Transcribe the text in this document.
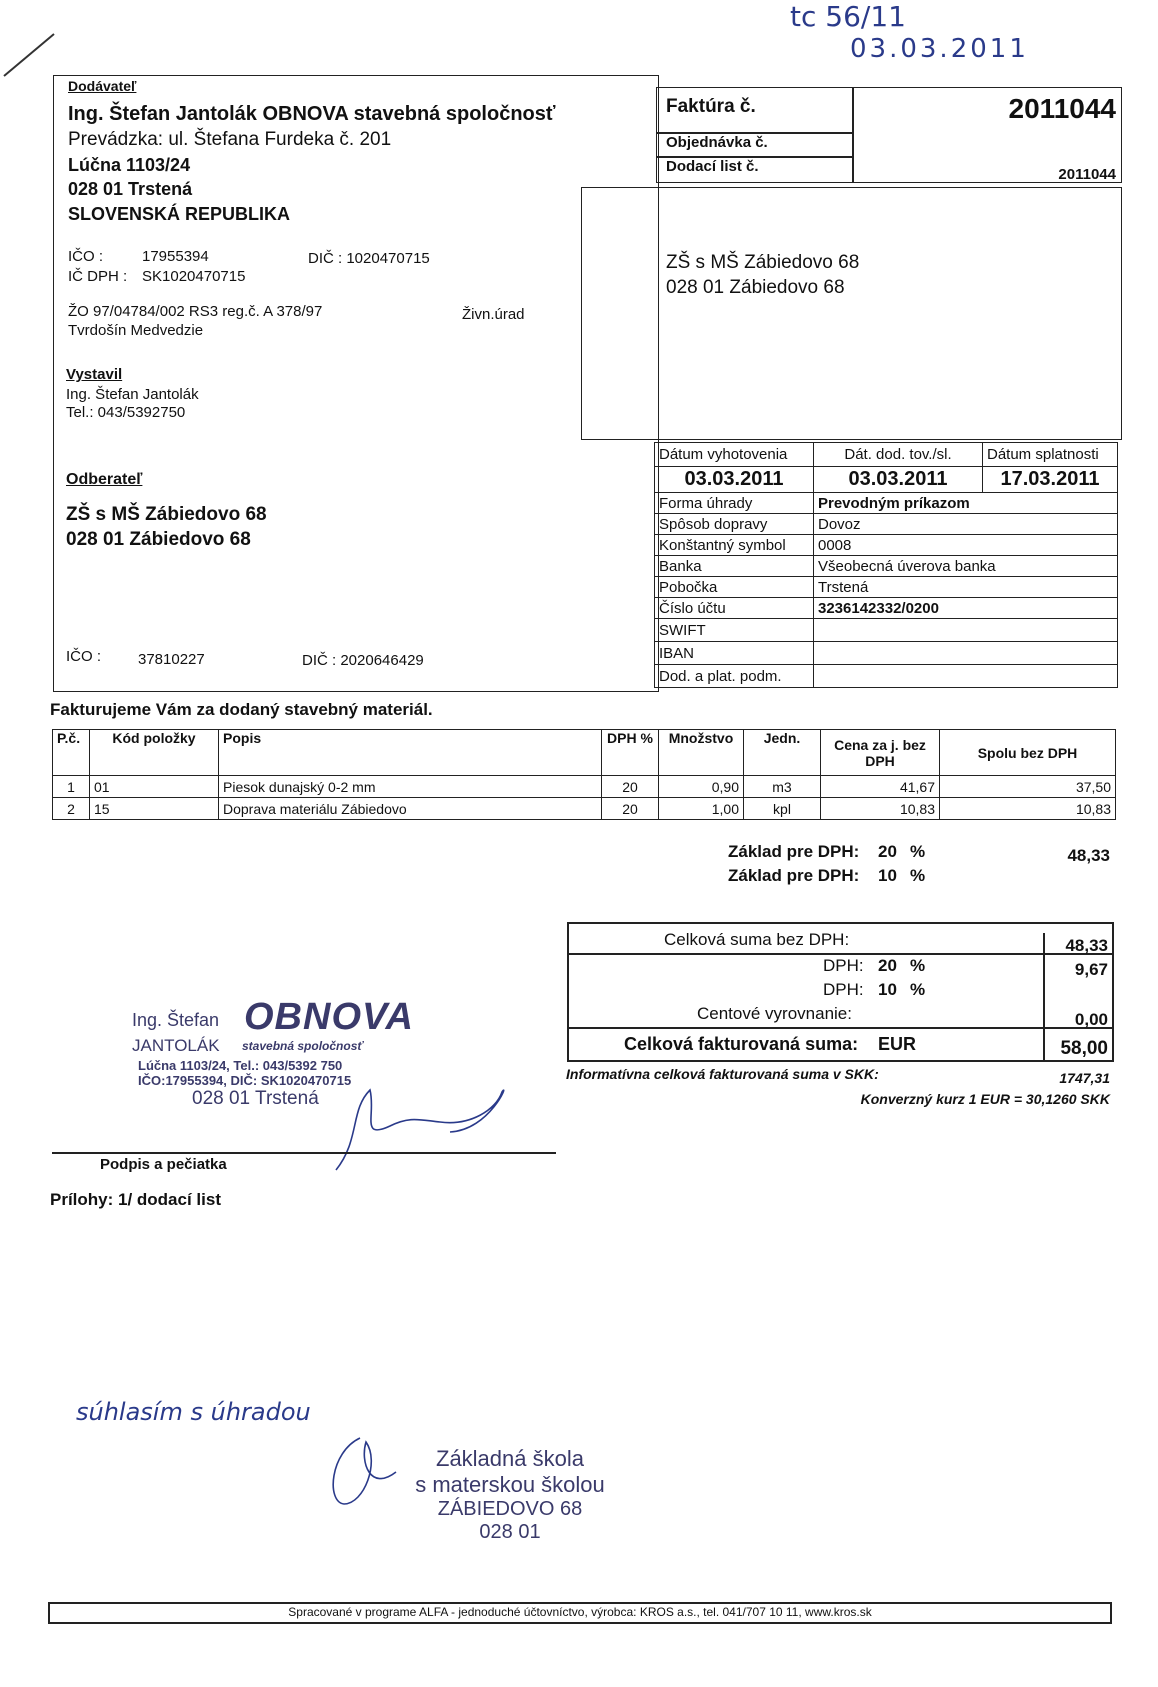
tc 56/11
03.03.2011
Dodávateľ
Ing. Štefan Jantolák OBNOVA stavebná spoločnosť
Prevádzka: ul. Štefana Furdeka č. 201
Lúčna 1103/24
028 01 Trstená
SLOVENSKÁ REPUBLIKA
IČO :	17955394	DIČ : 1020470715
IČ DPH : SK1020470715
ŽO 97/04784/002 RS3 reg.č. A 378/97	Živn.úrad
Tvrdošín Medvedzie
Vystavil
Ing. Štefan Jantolák
Tel.: 043/5392750
Odberateľ
ZŠ s MŠ Zábiedovo 68
028 01 Zábiedovo 68
IČO : 37810227	DIČ : 2020646429
Faktúra č.	2011044
Objednávka č.
Dodací list č.	2011044
ZŠ s MŠ Zábiedovo 68
028 01 Zábiedovo 68
Dátum vyhotovenia	Dát. dod. tov./sl.	Dátum splatnosti
03.03.2011	03.03.2011	17.03.2011
Forma úhrady	Prevodným príkazom	
Spôsob dopravy	Dovoz	
Konštantný symbol	0008	
Banka	Všeobecná úverova banka	
Pobočka	Trstená	
Číslo účtu	3236142332/0200	
SWIFT		
IBAN		
Dod. a plat. podm.		
Fakturujeme Vám za dodaný stavebný materiál.
P.č.	Kód položky	Popis	DPH %	Množstvo	Jedn.	Cena za j. bez DPH	Spolu bez DPH
1	01	Piesok dunajský 0-2 mm	20	0,90	m3	41,67	37,50
2	15	Doprava materiálu Zábiedovo	20	1,00	kpl	10,83	10,83
Základ pre DPH: 20 %	48,33
Základ pre DPH: 10 %
Celková suma bez DPH:	48,33
DPH: 20 %	9,67
DPH: 10 %
Centové vyrovnanie:	0,00
Celková fakturovaná suma: EUR	58,00
Informatívna celková fakturovaná suma v SKK:	1747,31
Konverzný kurz 1 EUR = 30,1260 SKK
Ing. Štefan OBNOVA
JANTOLÁK stavebná spoločnosť
Lúčna 1103/24, Tel.: 043/5392 750
IČO:17955394, DIČ: SK1020470715
028 01 Trstená
Podpis a pečiatka
Prílohy: 1/ dodací list
súhlasím s úhradou
Základná škola
s materskou školou
ZÁBIEDOVO 68
028 01
Spracované v programe ALFA - jednoduché účtovníctvo, výrobca: KROS a.s., tel. 041/707 10 11, www.kros.sk
